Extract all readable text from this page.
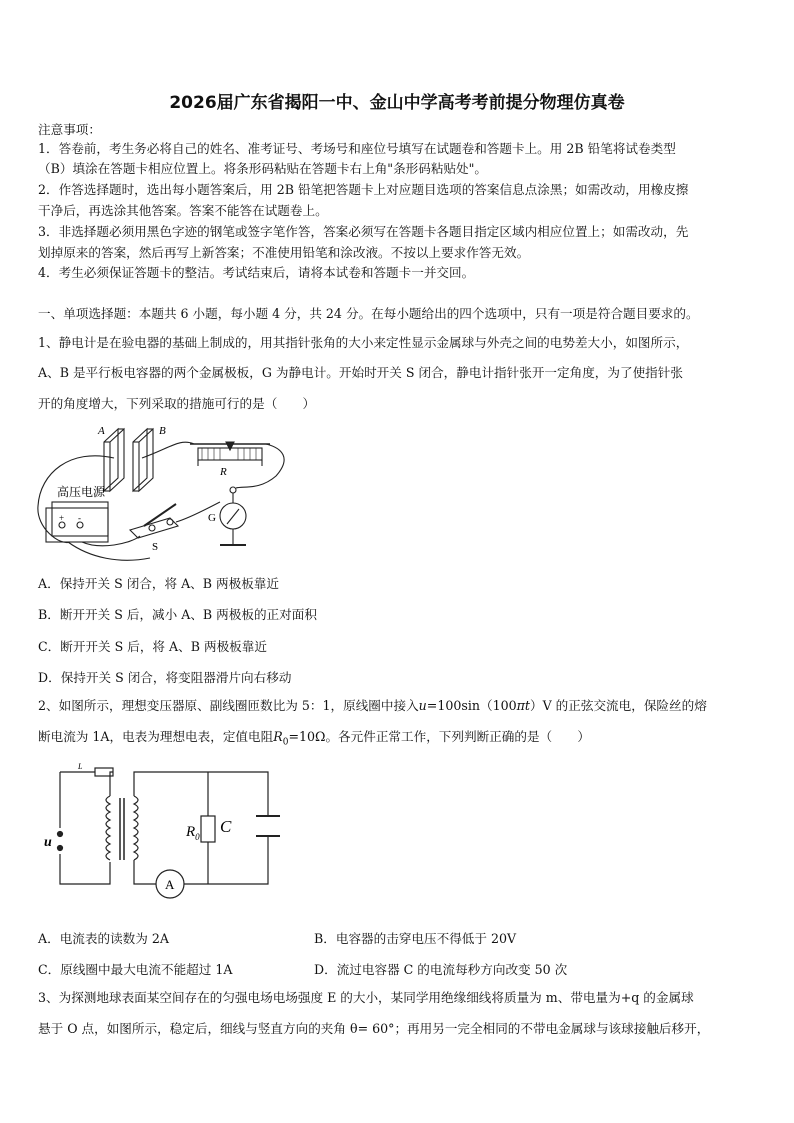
2026届广东省揭阳一中、金山中学高考考前提分物理仿真卷
注意事项：
1．答卷前，考生务必将自己的姓名、准考证号、考场号和座位号填写在试题卷和答题卡上。用 2B 铅笔将试卷类型
（B）填涂在答题卡相应位置上。将条形码粘贴在答题卡右上角"条形码粘贴处"。
2．作答选择题时，选出每小题答案后，用 2B 铅笔把答题卡上对应题目选项的答案信息点涂黑；如需改动，用橡皮擦
干净后，再选涂其他答案。答案不能答在试题卷上。
3．非选择题必须用黑色字迹的钢笔或签字笔作答，答案必须写在答题卡各题目指定区域内相应位置上；如需改动，先
划掉原来的答案，然后再写上新答案；不准使用铅笔和涂改液。不按以上要求作答无效。
4．考生必须保证答题卡的整洁。考试结束后，请将本试卷和答题卡一并交回。
一、单项选择题：本题共 6 小题，每小题 4 分，共 24 分。在每小题给出的四个选项中，只有一项是符合题目要求的。
1、静电计是在验电器的基础上制成的，用其指针张角的大小来定性显示金属球与外壳之间的电势差大小，如图所示，
A、B 是平行板电容器的两个金属极板，G 为静电计。开始时开关 S 闭合，静电计指针张开一定角度，为了使指针张
开的角度增大，下列采取的措施可行的是（　　）
A	B
R
高压电源
+ -	G
S
A．保持开关 S 闭合，将 A、B 两极板靠近
B．断开开关 S 后，减小 A、B 两极板的正对面积
C．断开开关 S 后，将 A、B 两极板靠近
D．保持开关 S 闭合，将变阻器滑片向右移动
2、如图所示，理想变压器原、副线圈匝数比为 5：1，原线圈中接入u=100sin（100πt）V 的正弦交流电，保险丝的熔
断电流为 1A，电表为理想电表，定值电阻$R_0=10\Omega$。各元件正常工作，下列判断正确的是（　　）
L
u
$R_0$
C
A
A．电流表的读数为 2A	B．电容器的击穿电压不得低于 20V
C．原线圈中最大电流不能超过 1A	D．流过电容器 C 的电流每秒方向改变 50 次
3、为探测地球表面某空间存在的匀强电场电场强度 E 的大小，某同学用绝缘细线将质量为 m、带电量为+q 的金属球
悬于 O 点，如图所示，稳定后，细线与竖直方向的夹角 θ= 60°；再用另一完全相同的不带电金属球与该球接触后移开，
